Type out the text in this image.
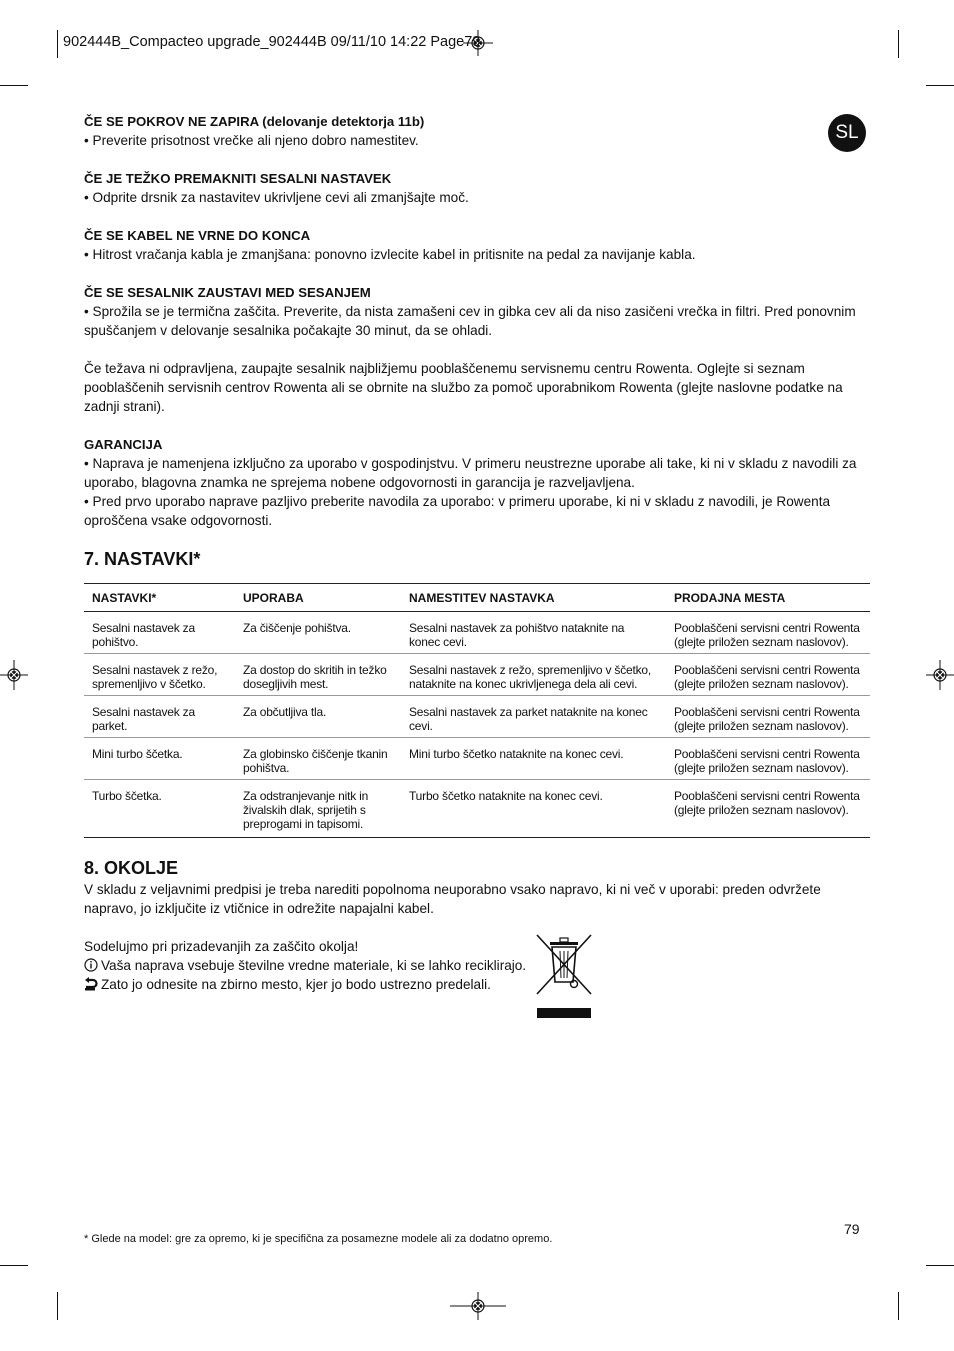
902444B_Compacteo upgrade_902444B 09/11/10 14:22 Page79
SL
ČE SE POKROV NE ZAPIRA (delovanje detektorja 11b)

• Preverite prisotnost vrečke ali njeno dobro namestitev.

ČE JE TEŽKO PREMAKNITI SESALNI NASTAVEK

• Odprite drsnik za nastavitev ukrivljene cevi ali zmanjšajte moč.

ČE SE KABEL NE VRNE DO KONCA

• Hitrost vračanja kabla je zmanjšana: ponovno izvlecite kabel in pritisnite na pedal za navijanje kabla.

ČE SE SESALNIK ZAUSTAVI MED SESANJEM

• Sprožila se je termična zaščita. Preverite, da nista zamašeni cev in gibka cev ali da niso zasičeni vrečka in filtri. Pred ponovnim spuščanjem v delovanje sesalnika počakajte 30 minut, da se ohladi.

Če težava ni odpravljena, zaupajte sesalnik najbližjemu pooblaščenemu servisnemu centru Rowenta. Oglejte si seznam pooblaščenih servisnih centrov Rowenta ali se obrnite na službo za pomoč uporabnikom Rowenta (glejte naslovne podatke na zadnji strani).

GARANCIJA

• Naprava je namenjena izključno za uporabo v gospodinjstvu. V primeru neustrezne uporabe ali take, ki ni v skladu z navodili za uporabo, blagovna znamka ne sprejema nobene odgovornosti in garancija je razveljavljena.

• Pred prvo uporabo naprave pazljivo preberite navodila za uporabo: v primeru uporabe, ki ni v skladu z navodili, je Rowenta oproščena vsake odgovornosti.

7. NASTAVKI*
NASTAVKI*	UPORABA	NAMESTITEV NASTAVKA	PRODAJNA MESTA
Sesalni nastavek za pohištvo.	Za čiščenje pohištva.	Sesalni nastavek za pohištvo nataknite na konec cevi.	Pooblaščeni servisni centri Rowenta (glejte priložen seznam naslovov).
Sesalni nastavek z režo, spremenljivo v ščetko.	Za dostop do skritih in težko dosegljivih mest.	Sesalni nastavek z režo, spremenljivo v ščetko, nataknite na konec ukrivljenega dela ali cevi.	Pooblaščeni servisni centri Rowenta (glejte priložen seznam naslovov).
Sesalni nastavek za parket.	Za občutljiva tla.	Sesalni nastavek za parket nataknite na konec cevi.	Pooblaščeni servisni centri Rowenta (glejte priložen seznam naslovov).
Mini turbo ščetka.	Za globinsko čiščenje tkanin pohištva.	Mini turbo ščetko nataknite na konec cevi.	Pooblaščeni servisni centri Rowenta (glejte priložen seznam naslovov).
Turbo ščetka.	Za odstranjevanje nitk in živalskih dlak, sprijetih s preprogami in tapisomi.	Turbo ščetko nataknite na konec cevi.	Pooblaščeni servisni centri Rowenta (glejte priložen seznam naslovov).
8. OKOLJE

V skladu z veljavnimi predpisi je treba narediti popolnoma neuporabno vsako napravo, ki ni več v uporabi: preden odvržete napravo, jo izključite iz vtičnice in odrežite napajalni kabel.

Sodelujmo pri prizadevanjih za zaščito okolja!
Vaša naprava vsebuje številne vredne materiale, ki se lahko reciklirajo.
Zato jo odnesite na zbirno mesto, kjer jo bodo ustrezno predelali.
* Glede na model: gre za opremo, ki je specifična za posamezne modele ali za dodatno opremo.
79
